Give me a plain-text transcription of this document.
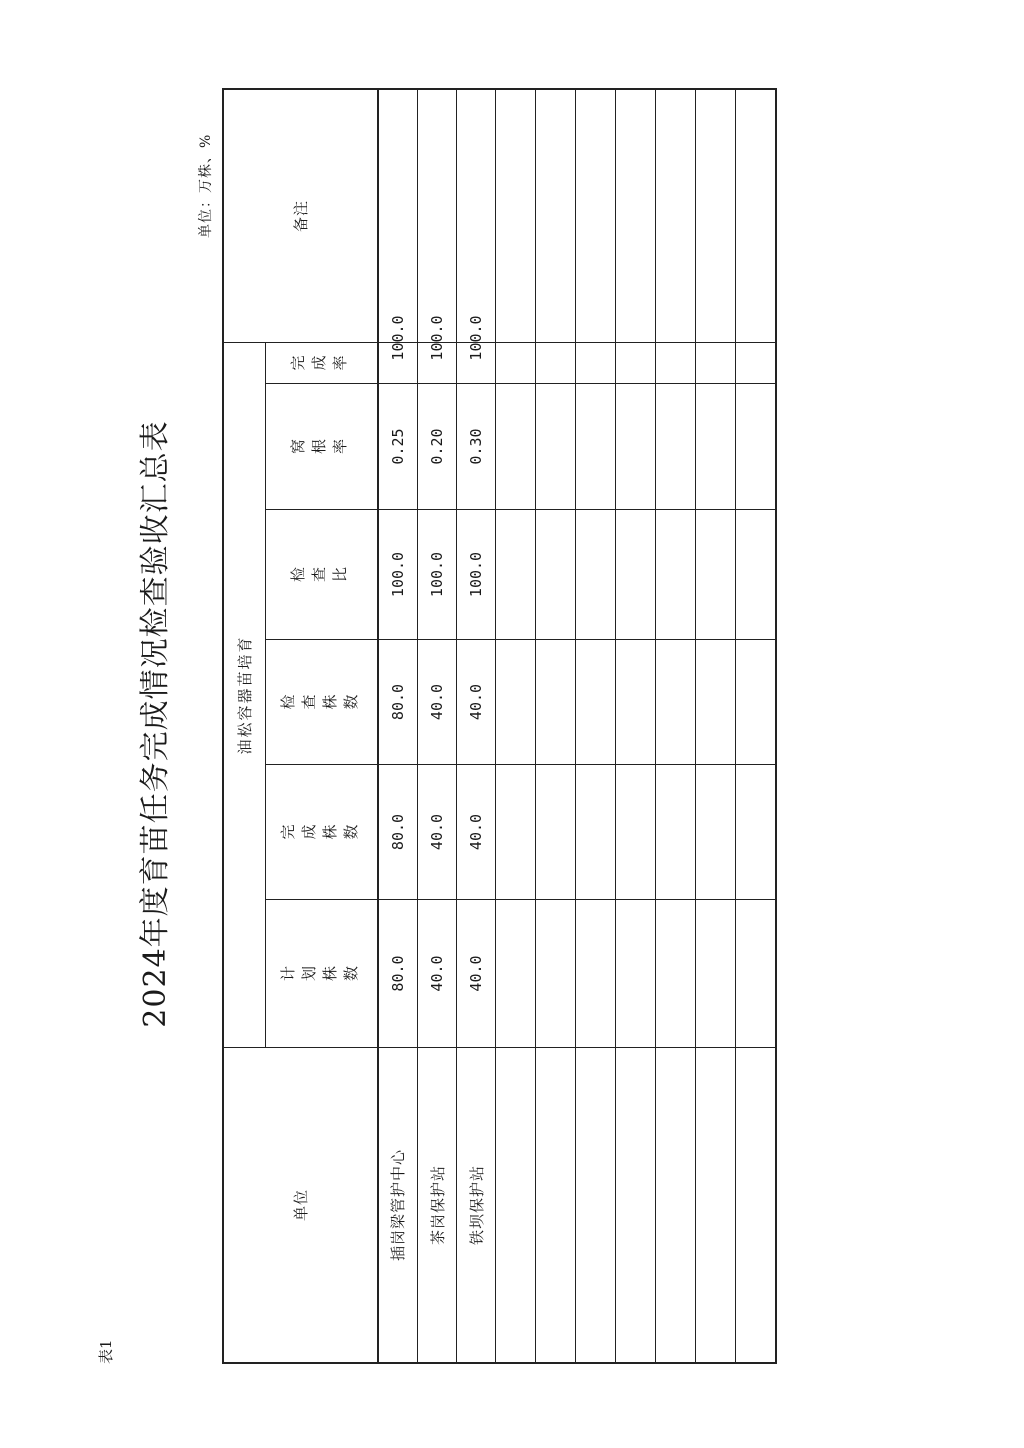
表1
2024年度育苗任务完成情况检查验收汇总表
单位：万株、%
单位
油松容器苗培育
计划株数
完成株数
检查株数
检查比
窝根率
完成率
备注
插岗梁管护中心
80.0
80.0
80.0
100.0
0.25
100.0
茶岗保护站
40.0
40.0
40.0
100.0
0.20
100.0
铁坝保护站
40.0
40.0
40.0
100.0
0.30
100.0
